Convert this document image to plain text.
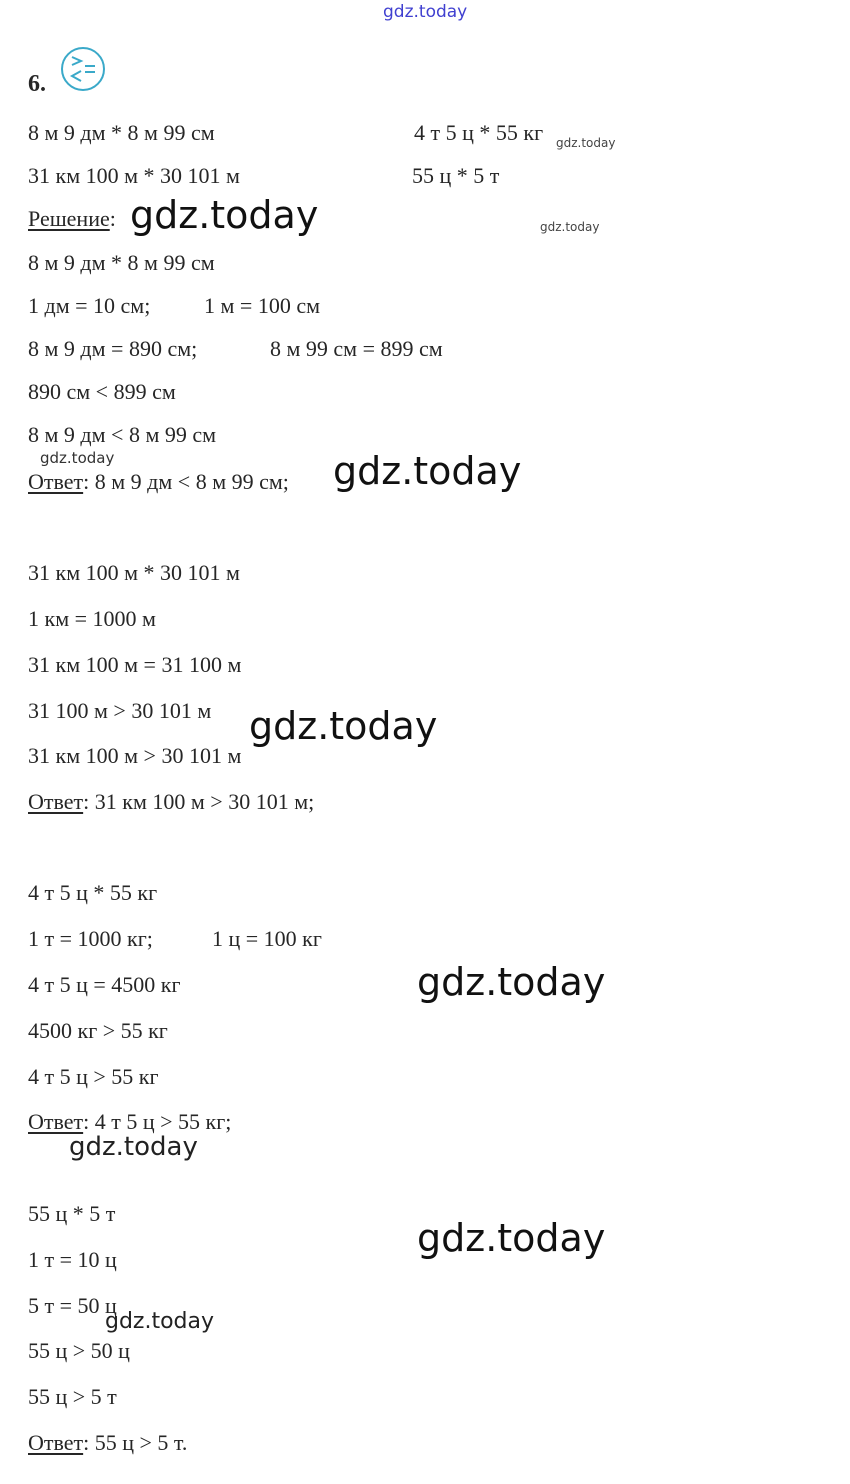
gdz.today
6.
8 м 9 дм * 8 м 99 см
31 км 100 м * 30 101 м
4 т 5 ц * 55 кг
55 ц * 5 т
gdz.today
Решение: gdz.today	gdz.today
8 м 9 дм * 8 м 99 см
1 дм = 10 см; 1 м = 100 см
8 м 9 дм = 890 см;	8 м 99 см = 899 см
890 см < 899 см
8 м 9 дм < 8 м 99 см
gdz.today
Ответ: 8 м 9 дм < 8 м 99 см; gdz.today
31 км 100 м * 30 101 м
1 км = 1000 м
31 км 100 м = 31 100 м
31 100 м > 30 101 м gdz.today
31 км 100 м > 30 101 м
Ответ: 31 км 100 м > 30 101 м;
4 т 5 ц * 55 кг
1 т = 1000 кг;	1 ц = 100 кг
4 т 5 ц = 4500 кг	gdz.today
4500 кг > 55 кг
4 т 5 ц > 55 кг
Ответ: 4 т 5 ц > 55 кг;
gdz.today
55 ц * 5 т
gdz.today
1 т = 10 ц
5 т = 50 ц
gdz.today
55 ц > 50 ц
55 ц > 5 т
Ответ: 55 ц > 5 т.
